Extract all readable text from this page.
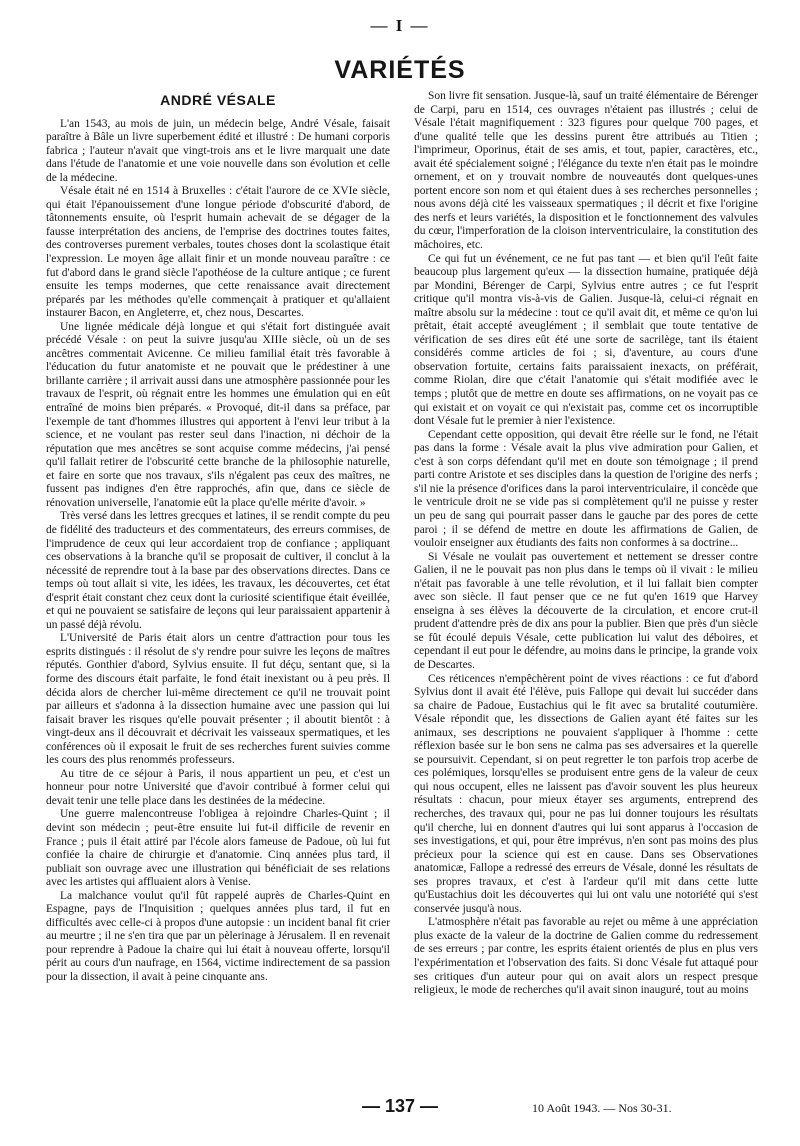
— I —
VARIÉTÉS
ANDRÉ VÉSALE

L'an 1543, au mois de juin, un médecin belge, André Vésale, faisait paraître à Bâle un livre superbement édité et illustré : De humani corporis fabrica ; l'auteur n'avait que vingt-trois ans et le livre marquait une date dans l'étude de l'anatomie et une voie nouvelle dans son évolution et celle de la médecine.

Vésale était né en 1514 à Bruxelles : c'était l'aurore de ce XVIe siècle, qui était l'épanouissement d'une longue période d'obscurité d'abord, de tâtonnements ensuite, où l'esprit humain achevait de se dégager de la fausse interprétation des anciens, de l'emprise des doctrines toutes faites, des controverses purement verbales, toutes choses dont la scolastique était l'expression. Le moyen âge allait finir et un monde nouveau paraître : ce fut d'abord dans le grand siècle l'apothéose de la culture antique ; ce furent ensuite les temps modernes, que cette renaissance avait directement préparés par les méthodes qu'elle commençait à pratiquer et qu'allaient instaurer Bacon, en Angleterre, et, chez nous, Descartes.

Une lignée médicale déjà longue et qui s'était fort distinguée avait précédé Vésale : on peut la suivre jusqu'au XIIIe siècle, où un de ses ancêtres commentait Avicenne. Ce milieu familial était très favorable à l'éducation du futur anatomiste et ne pouvait que le prédestiner à une brillante carrière ; il arrivait aussi dans une atmosphère passionnée pour les travaux de l'esprit, où régnait entre les hommes une émulation qui en eût entraîné de moins bien préparés. « Provoqué, dit-il dans sa préface, par l'exemple de tant d'hommes illustres qui apportent à l'envi leur tribut à la science, et ne voulant pas rester seul dans l'inaction, ni déchoir de la réputation que mes ancêtres se sont acquise comme médecins, j'ai pensé qu'il fallait retirer de l'obscurité cette branche de la philosophie naturelle, et faire en sorte que nos travaux, s'ils n'égalent pas ceux des maîtres, ne fussent pas indignes d'en être rapprochés, afin que, dans ce siècle de rénovation universelle, l'anatomie eût la place qu'elle mérite d'avoir. »

Très versé dans les lettres grecques et latines, il se rendit compte du peu de fidélité des traducteurs et des commentateurs, des erreurs commises, de l'imprudence de ceux qui leur accordaient trop de confiance ; appliquant ces observations à la branche qu'il se proposait de cultiver, il conclut à la nécessité de reprendre tout à la base par des observations directes. Dans ce temps où tout allait si vite, les idées, les travaux, les découvertes, cet état d'esprit était constant chez ceux dont la curiosité scientifique était éveillée, et qui ne pouvaient se satisfaire de leçons qui leur paraissaient appartenir à un passé déjà révolu.

L'Université de Paris était alors un centre d'attraction pour tous les esprits distingués : il résolut de s'y rendre pour suivre les leçons de maîtres réputés. Gonthier d'abord, Sylvius ensuite. Il fut déçu, sentant que, si la forme des discours était parfaite, le fond était inexistant ou à peu près. Il décida alors de chercher lui-même directement ce qu'il ne trouvait point par ailleurs et s'adonna à la dissection humaine avec une passion qui lui faisait braver les risques qu'elle pouvait présenter ; il aboutit bientôt : à vingt-deux ans il découvrait et décrivait les vaisseaux spermatiques, et les conférences où il exposait le fruit de ses recherches furent suivies comme les cours des plus renommés professeurs.

Au titre de ce séjour à Paris, il nous appartient un peu, et c'est un honneur pour notre Université que d'avoir contribué à former celui qui devait tenir une telle place dans les destinées de la médecine.

Une guerre malencontreuse l'obligea à rejoindre Charles-Quint ; il devint son médecin ; peut-être ensuite lui fut-il difficile de revenir en France ; puis il était attiré par l'école alors fameuse de Padoue, où lui fut confiée la chaire de chirurgie et d'anatomie. Cinq années plus tard, il publiait son ouvrage avec une illustration qui bénéficiait de ses relations avec les artistes qui affluaient alors à Venise.

La malchance voulut qu'il fût rappelé auprès de Charles-Quint en Espagne, pays de l'Inquisition ; quelques années plus tard, il fut en difficultés avec celle-ci à propos d'une autopsie : un incident banal fit crier au meurtre ; il ne s'en tira que par un pèlerinage à Jérusalem. Il en revenait pour reprendre à Padoue la chaire qui lui était à nouveau offerte, lorsqu'il périt au cours d'un naufrage, en 1564, victime indirectement de sa passion pour la dissection, il avait à peine cinquante ans.

Son livre fit sensation. Jusque-là, sauf un traité élémentaire de Bérenger de Carpi, paru en 1514, ces ouvrages n'étaient pas illustrés ; celui de Vésale l'était magnifiquement : 323 figures pour quelque 700 pages, et d'une qualité telle que les dessins purent être attribués au Titien ; l'imprimeur, Oporinus, était de ses amis, et tout, papier, caractères, etc., avait été spécialement soigné ; l'élégance du texte n'en était pas le moindre ornement, et on y trouvait nombre de nouveautés dont quelques-unes portent encore son nom et qui étaient dues à ses recherches personnelles ; nous avons déjà cité les vaisseaux spermatiques ; il décrit et fixe l'origine des nerfs et leurs variétés, la disposition et le fonctionnement des valvules du cœur, l'imperforation de la cloison interventriculaire, la constitution des mâchoires, etc.

Ce qui fut un événement, ce ne fut pas tant — et bien qu'il l'eût faite beaucoup plus largement qu'eux — la dissection humaine, pratiquée déjà par Mondini, Bérenger de Carpi, Sylvius entre autres ; ce fut l'esprit critique qu'il montra vis-à-vis de Galien. Jusque-là, celui-ci régnait en maître absolu sur la médecine : tout ce qu'il avait dit, et même ce qu'on lui prêtait, était accepté aveuglément ; il semblait que toute tentative de vérification de ses dires eût été une sorte de sacrilège, tant ils étaient considérés comme articles de foi ; si, d'aventure, au cours d'une observation fortuite, certains faits paraissaient inexacts, on préférait, comme Riolan, dire que c'était l'anatomie qui s'était modifiée avec le temps ; plutôt que de mettre en doute ses affirmations, on ne voyait pas ce qui existait et on voyait ce qui n'existait pas, comme cet os incorruptible dont Vésale fut le premier à nier l'existence.

Cependant cette opposition, qui devait être réelle sur le fond, ne l'était pas dans la forme : Vésale avait la plus vive admiration pour Galien, et c'est à son corps défendant qu'il met en doute son témoignage ; il prend parti contre Aristote et ses disciples dans la question de l'origine des nerfs ; s'il nie la présence d'orifices dans la paroi interventriculaire, il concède que le ventricule droit ne se vide pas si complètement qu'il ne puisse y rester un peu de sang qui pourrait passer dans le gauche par des pores de cette paroi ; il se défend de mettre en doute les affirmations de Galien, de vouloir enseigner aux étudiants des faits non conformes à sa doctrine...

Si Vésale ne voulait pas ouvertement et nettement se dresser contre Galien, il ne le pouvait pas non plus dans le temps où il vivait : le milieu n'était pas favorable à une telle révolution, et il lui fallait bien compter avec son siècle. Il faut penser que ce ne fut qu'en 1619 que Harvey enseigna à ses élèves la découverte de la circulation, et encore crut-il prudent d'attendre près de dix ans pour la publier. Bien que près d'un siècle se fût écoulé depuis Vésale, cette publication lui valut des déboires, et cependant il eut pour le défendre, au moins dans le principe, la grande voix de Descartes.

Ces réticences n'empêchèrent point de vives réactions : ce fut d'abord Sylvius dont il avait été l'élève, puis Fallope qui devait lui succéder dans sa chaire de Padoue, Eustachius qui le fit avec sa brutalité coutumière. Vésale répondit que, les dissections de Galien ayant été faites sur les animaux, ses descriptions ne pouvaient s'appliquer à l'homme : cette réflexion basée sur le bon sens ne calma pas ses adversaires et la querelle se poursuivit. Cependant, si on peut regretter le ton parfois trop acerbe de ces polémiques, lorsqu'elles se produisent entre gens de la valeur de ceux qui nous occupent, elles ne laissent pas d'avoir souvent les plus heureux résultats : chacun, pour mieux étayer ses arguments, entreprend des recherches, des travaux qui, pour ne pas lui donner toujours les résultats qu'il cherche, lui en donnent d'autres qui lui sont apparus à l'occasion de ses investigations, et qui, pour être imprévus, n'en sont pas moins des plus précieux pour la science qui est en cause. Dans ses Observationes anatomicæ, Fallope a redressé des erreurs de Vésale, donné les résultats de ses propres travaux, et c'est à l'ardeur qu'il mit dans cette lutte qu'Eustachius doit les découvertes qui lui ont valu une notoriété qui s'est conservée jusqu'à nous.

L'atmosphère n'était pas favorable au rejet ou même à une appréciation plus exacte de la valeur de la doctrine de Galien comme du redressement de ses erreurs ; par contre, les esprits étaient orientés de plus en plus vers l'expérimentation et l'observation des faits. Si donc Vésale fut attaqué pour ses critiques d'un auteur pour qui on avait alors un respect presque religieux, le mode de recherches qu'il avait sinon inauguré, tout au moins

— 137 —	10 Août 1943. — Nos 30-31.
